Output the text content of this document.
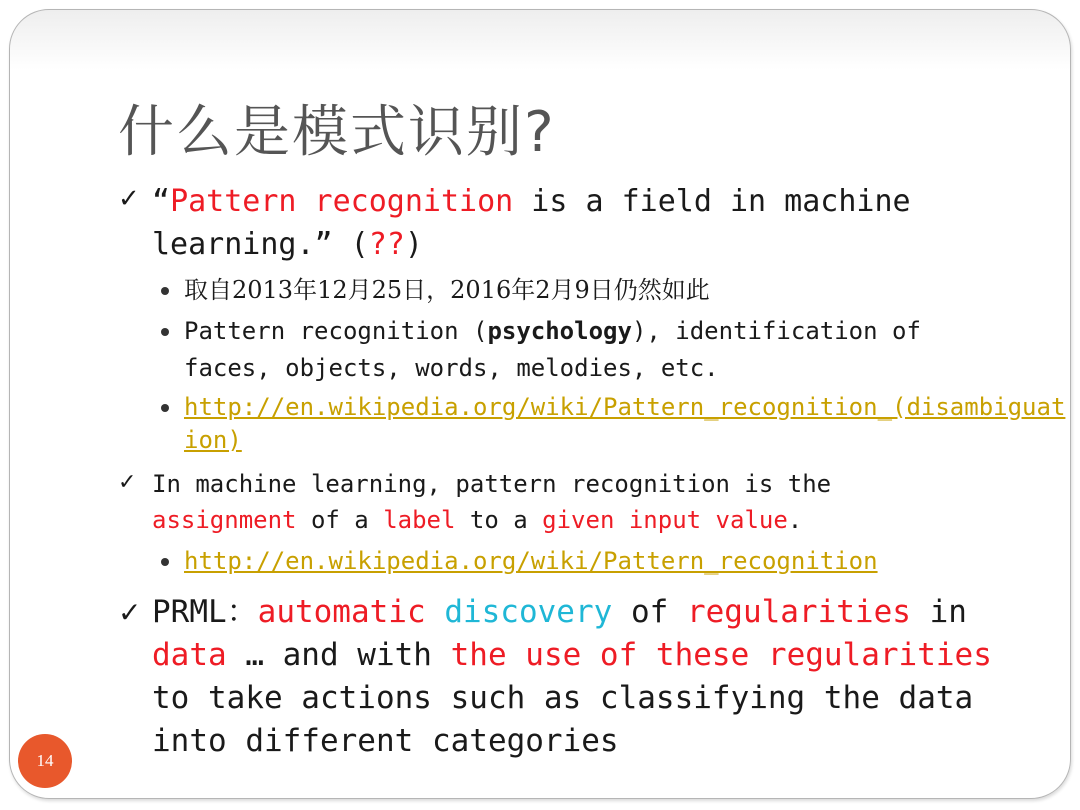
什么是模式识别?
✓ “Pattern recognition is a field in machine

learning.” (??)

取自2013年12月25日，2016年2月9日仍然如此

Pattern recognition (psychology), identification of

faces, objects, words, melodies, etc.

http://en.wikipedia.org/wiki/Pattern_recognition_(disambiguat

ion)

✓ In machine learning, pattern recognition is the

assignment of a label to a given input value.

http://en.wikipedia.org/wiki/Pattern_recognition

✓ PRML：automatic discovery of regularities in

data … and with the use of these regularities

to take actions such as classifying the data

into different categories

14
